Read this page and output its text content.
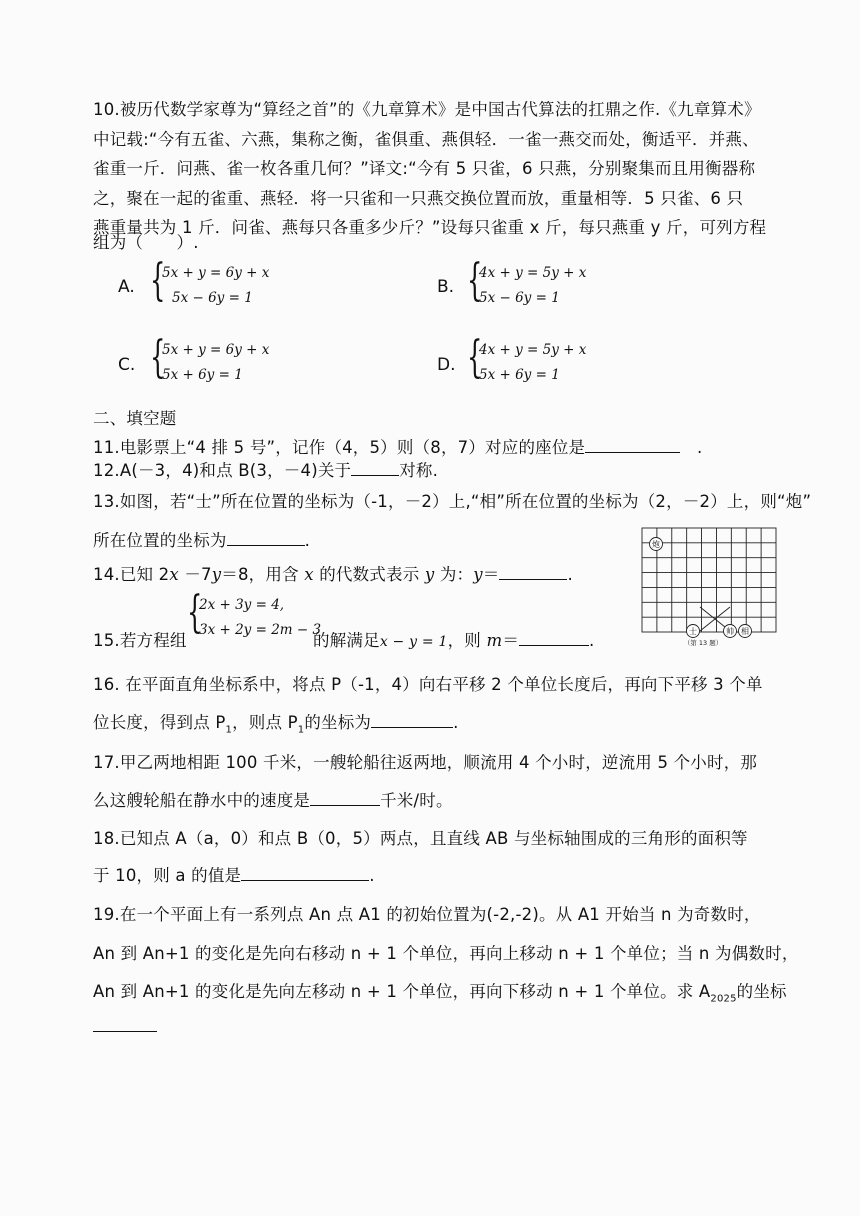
10.被历代数学家尊为“算经之首”的《九章算术》是中国古代算法的扛鼎之作.《九章算术》
中记载:“今有五雀、六燕，集称之衡，雀俱重、燕俱轻．一雀一燕交而处，衡适平．并燕、
雀重一斤．问燕、雀一枚各重几何？”译文:“今有 5 只雀，6 只燕，分别聚集而且用衡器称
之，聚在一起的雀重、燕轻．将一只雀和一只燕交换位置而放，重量相等．5 只雀、6 只
燕重量共为 1 斤．问雀、燕每只各重多少斤？”设每只雀重 x 斤，每只燕重 y 斤，可列方程
组为（　　）.
A. {
5x + y = 6y + x
5x − 6y = 1
B. {
4x + y = 5y + x
5x − 6y = 1
C. {
5x + y = 6y + x
5x + 6y = 1	D. {
4x + y = 5y + x
5x + 6y = 1
二、填空题
11.电影票上“4 排 5 号”，记作（4，5）则（8，7）对应的座位是　	.
12.A(－3，4)和点 B(3，－4)关于	对称.
13.如图，若“士”所在位置的坐标为（-1，－2）上,“相”所在位置的坐标为（2，－2）上，则“炮”
所在位置的坐标为	.
14.已知 2x －7y＝8，用含 x 的代数式表示 y 为：y＝	.
15.若方程组
{
2x + 3y = 4,
3x + 2y = 2m − 3
的解满足x − y = 1，则 m＝	.
16. 在平面直角坐标系中，将点 P（-1，4）向右平移 2 个单位长度后，再向下平移 3 个单
位长度，得到点 $P_1$，则点 $P_1$的坐标为	.
17.甲乙两地相距 100 千米，一艘轮船往返两地，顺流用 4 个小时，逆流用 5 个小时，那
么这艘轮船在静水中的速度是	千米/时。
18.已知点 A（a，0）和点 B（0，5）两点，且直线 AB 与坐标轴围成的三角形的面积等
于 10，则 a 的值是	.
19.在一个平面上有一系列点 An 点 A1 的初始位置为(-2,-2)。从 A1 开始当 n 为奇数时，
An 到 An+1 的变化是先向右移动 n + 1 个单位，再向上移动 n + 1 个单位；当 n 为偶数时，
An 到 An+1 的变化是先向左移动 n + 1 个单位，再向下移动 n + 1 个单位。求 $A_{2025}$的坐标
炮
士	帅 相
（第 13 题）
